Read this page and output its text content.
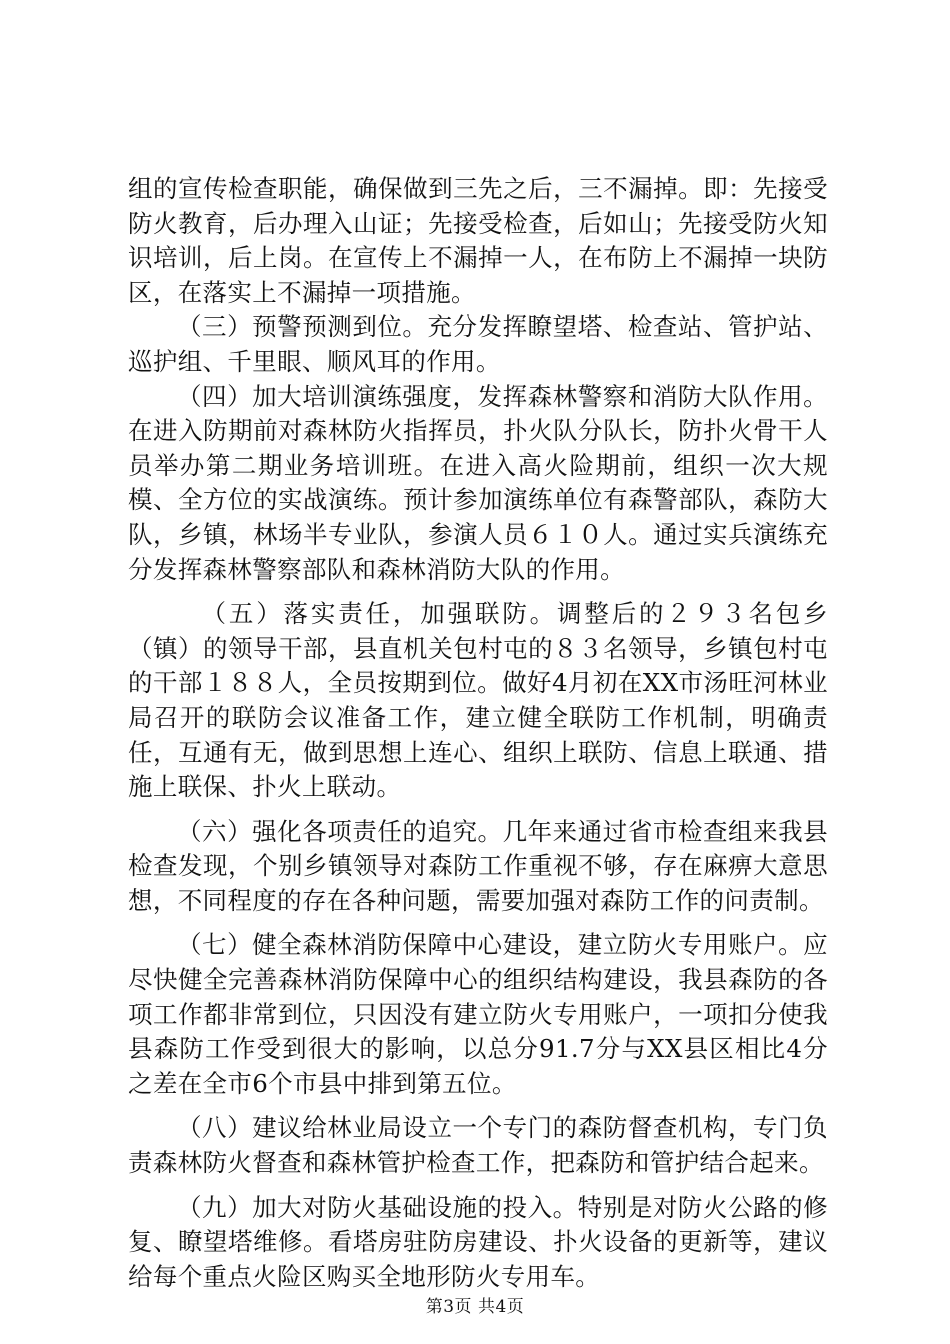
组的宣传检查职能，确保做到三先之后，三不漏掉。即：先接受防火教育，后办理入山证；先接受检查，后如山；先接受防火知识培训，后上岗。在宣传上不漏掉一人，在布防上不漏掉一块防区，在落实上不漏掉一项措施。

（三）预警预测到位。充分发挥瞭望塔、检查站、管护站、巡护组、千里眼、顺风耳的作用。

（四）加大培训演练强度，发挥森林警察和消防大队作用。在进入防期前对森林防火指挥员，扑火队分队长，防扑火骨干人员举办第二期业务培训班。在进入高火险期前，组织一次大规模、全方位的实战演练。预计参加演练单位有森警部队，森防大队，乡镇，林场半专业队，参演人员６１０人。通过实兵演练充分发挥森林警察部队和森林消防大队的作用。

（五）落实责任，加强联防。调整后的２９３名包乡（镇）的领导干部，县直机关包村屯的８３名领导，乡镇包村屯的干部１８８人，全员按期到位。做好4月初在XX市汤旺河林业局召开的联防会议准备工作，建立健全联防工作机制，明确责任，互通有无，做到思想上连心、组织上联防、信息上联通、措施上联保、扑火上联动。

（六）强化各项责任的追究。几年来通过省市检查组来我县检查发现，个别乡镇领导对森防工作重视不够，存在麻痹大意思想，不同程度的存在各种问题，需要加强对森防工作的问责制。

（七）健全森林消防保障中心建设，建立防火专用账户。应尽快健全完善森林消防保障中心的组织结构建设，我县森防的各项工作都非常到位，只因没有建立防火专用账户，一项扣分使我县森防工作受到很大的影响，以总分91.7分与XX县区相比4分之差在全市6个市县中排到第五位。

（八）建议给林业局设立一个专门的森防督查机构，专门负责森林防火督查和森林管护检查工作，把森防和管护结合起来。

（九）加大对防火基础设施的投入。特别是对防火公路的修复、瞭望塔维修。看塔房驻防房建设、扑火设备的更新等，建议给每个重点火险区购买全地形防火专用车。

第3页 共4页
